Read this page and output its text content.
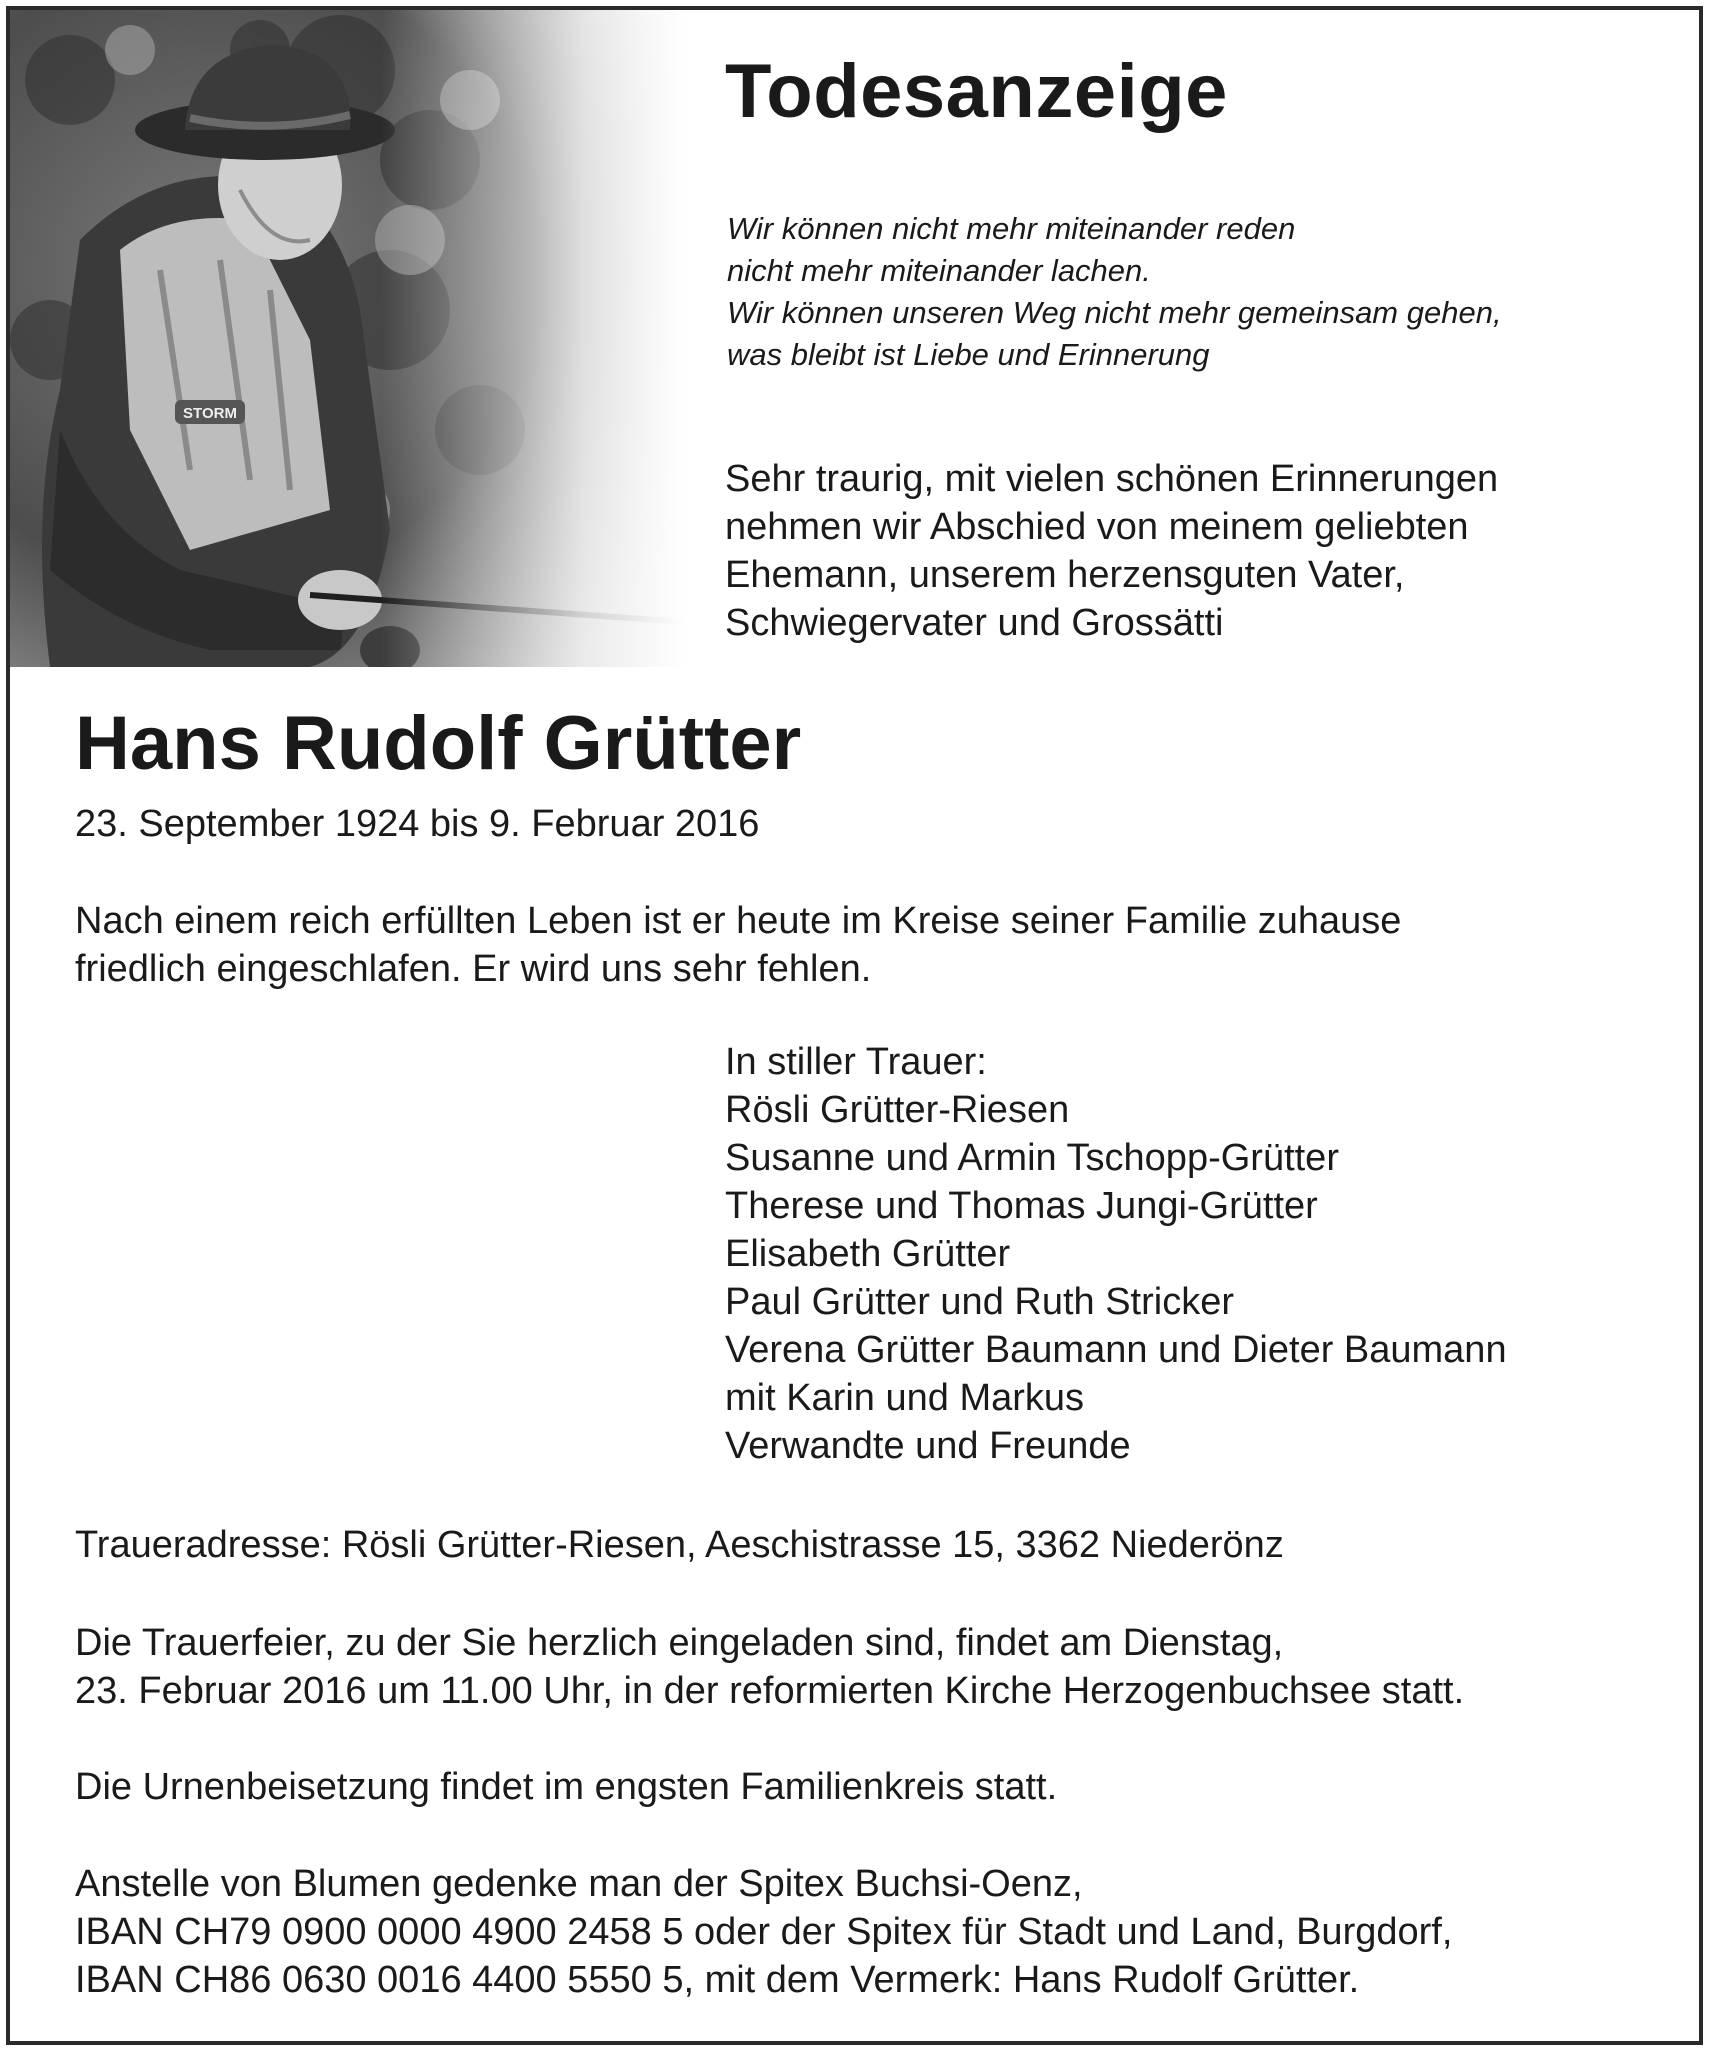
Todesanzeige
Wir können nicht mehr miteinander reden
nicht mehr miteinander lachen.
Wir können unseren Weg nicht mehr gemeinsam gehen,
was bleibt ist Liebe und Erinnerung
Sehr traurig, mit vielen schönen Erinnerungen
nehmen wir Abschied von meinem geliebten
Ehemann, unserem herzensguten Vater,
Schwiegervater und Grossätti
Hans Rudolf Grütter
23. September 1924 bis 9. Februar 2016
Nach einem reich erfüllten Leben ist er heute im Kreise seiner Familie zuhause
friedlich eingeschlafen. Er wird uns sehr fehlen.
In stiller Trauer:
Rösli Grütter-Riesen
Susanne und Armin Tschopp-Grütter
Therese und Thomas Jungi-Grütter
Elisabeth Grütter
Paul Grütter und Ruth Stricker
Verena Grütter Baumann und Dieter Baumann
mit Karin und Markus
Verwandte und Freunde
Traueradresse: Rösli Grütter-Riesen, Aeschistrasse 15, 3362 Niederönz
Die Trauerfeier, zu der Sie herzlich eingeladen sind, findet am Dienstag,
23. Februar 2016 um 11.00 Uhr, in der reformierten Kirche Herzogenbuchsee statt.
Die Urnenbeisetzung findet im engsten Familienkreis statt.
Anstelle von Blumen gedenke man der Spitex Buchsi-Oenz,
IBAN CH79 0900 0000 4900 2458 5 oder der Spitex für Stadt und Land, Burgdorf,
IBAN CH86 0630 0016 4400 5550 5, mit dem Vermerk: Hans Rudolf Grütter.
